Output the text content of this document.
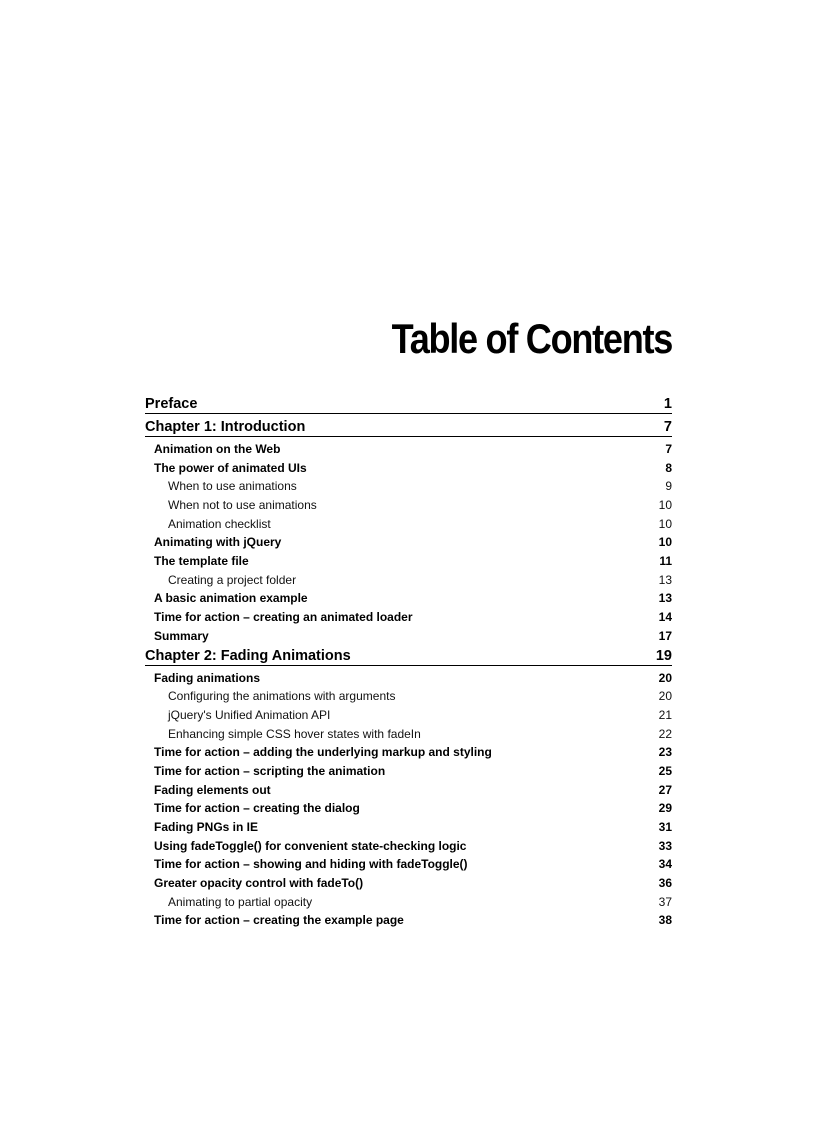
Table of Contents
Preface	1
Chapter 1: Introduction	7
Animation on the Web	7
The power of animated UIs	8
When to use animations	9
When not to use animations	10
Animation checklist	10
Animating with jQuery	10
The template file	11
Creating a project folder	13
A basic animation example	13
Time for action – creating an animated loader	14
Summary	17
Chapter 2: Fading Animations	19
Fading animations	20
Configuring the animations with arguments	20
jQuery's Unified Animation API	21
Enhancing simple CSS hover states with fadeIn	22
Time for action – adding the underlying markup and styling	23
Time for action – scripting the animation	25
Fading elements out	27
Time for action – creating the dialog	29
Fading PNGs in IE	31
Using fadeToggle() for convenient state-checking logic	33
Time for action – showing and hiding with fadeToggle()	34
Greater opacity control with fadeTo()	36
Animating to partial opacity	37
Time for action – creating the example page	38
